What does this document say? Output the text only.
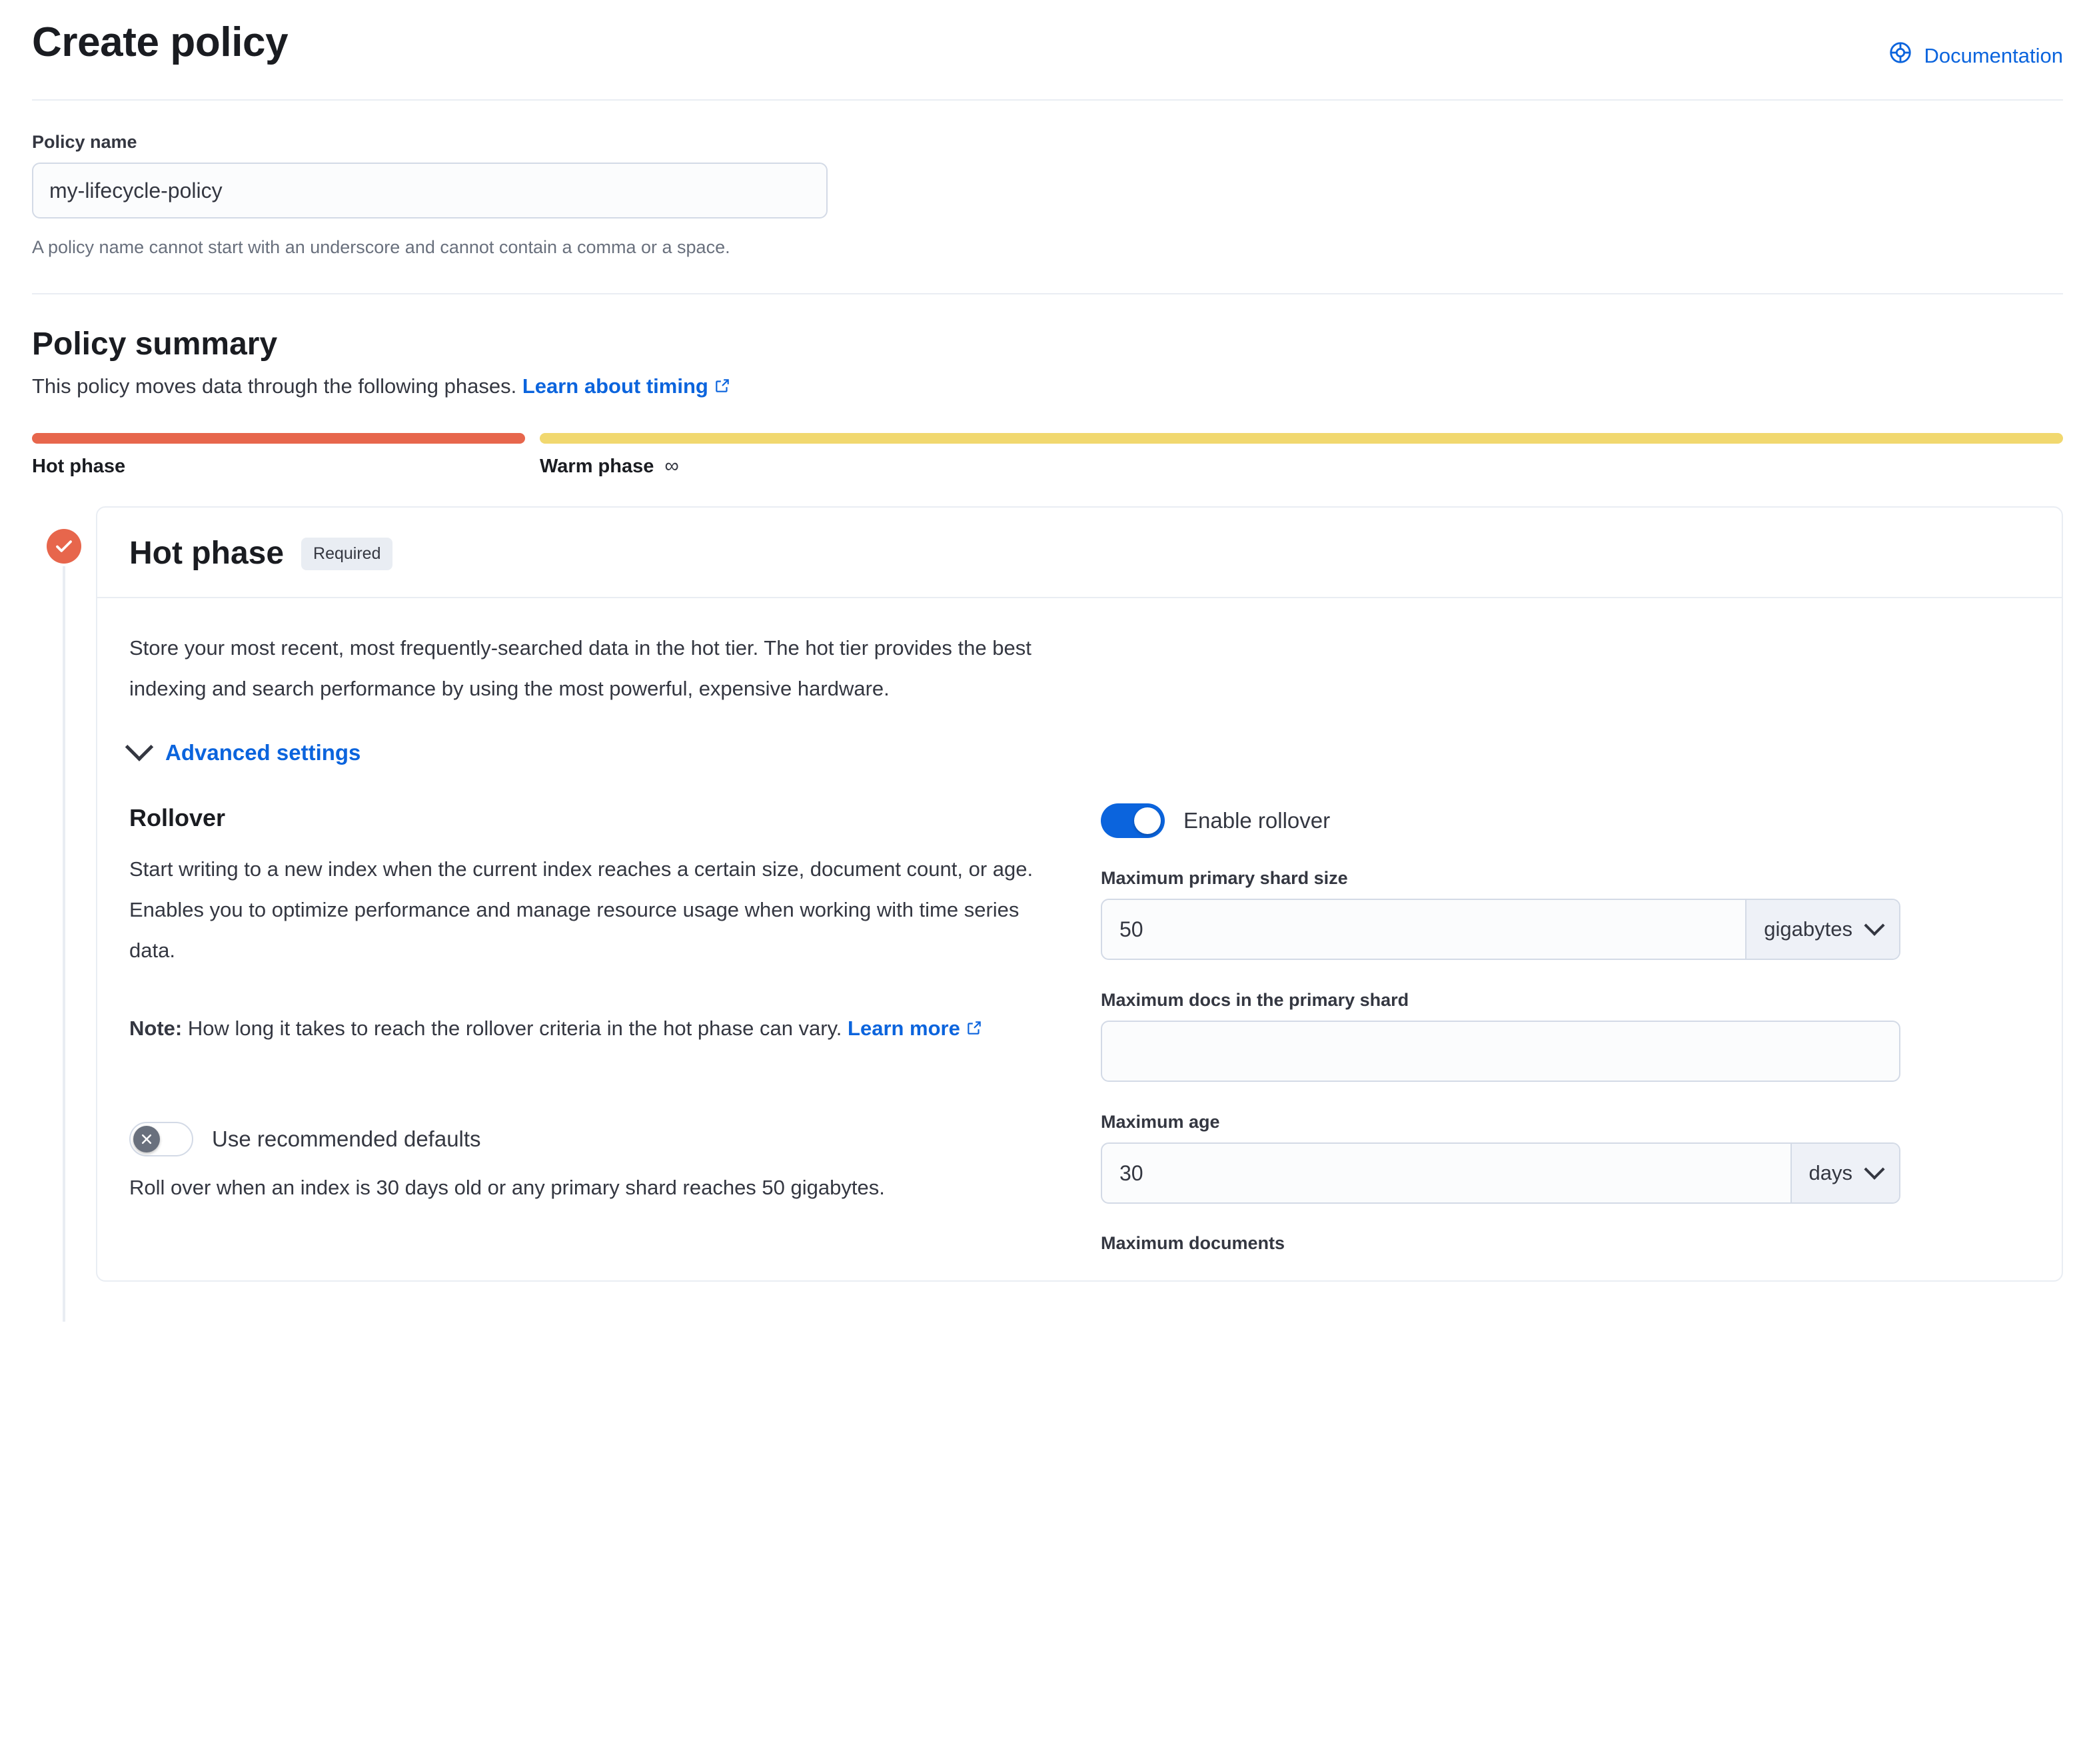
Create policy	Documentation
Policy name
my-lifecycle-policy
A policy name cannot start with an underscore and cannot contain a comma or a space.
Policy summary
This policy moves data through the following phases. Learn about timing
Hot phase	Warm phase ∞
Hot phase	Required
Store your most recent, most frequently-searched data in the hot tier. The hot tier provides the best indexing and search performance by using the most powerful, expensive hardware.
Advanced settings
Rollover
Start writing to a new index when the current index reaches a certain size, document count, or age. Enables you to optimize performance and manage resource usage when working with time series data.
Note: How long it takes to reach the rollover criteria in the hot phase can vary. Learn more
Use recommended defaults
Roll over when an index is 30 days old or any primary shard reaches 50 gigabytes.
Enable rollover
Maximum primary shard size
50
gigabytes
Maximum docs in the primary shard
Maximum age
30
days
Maximum documents
